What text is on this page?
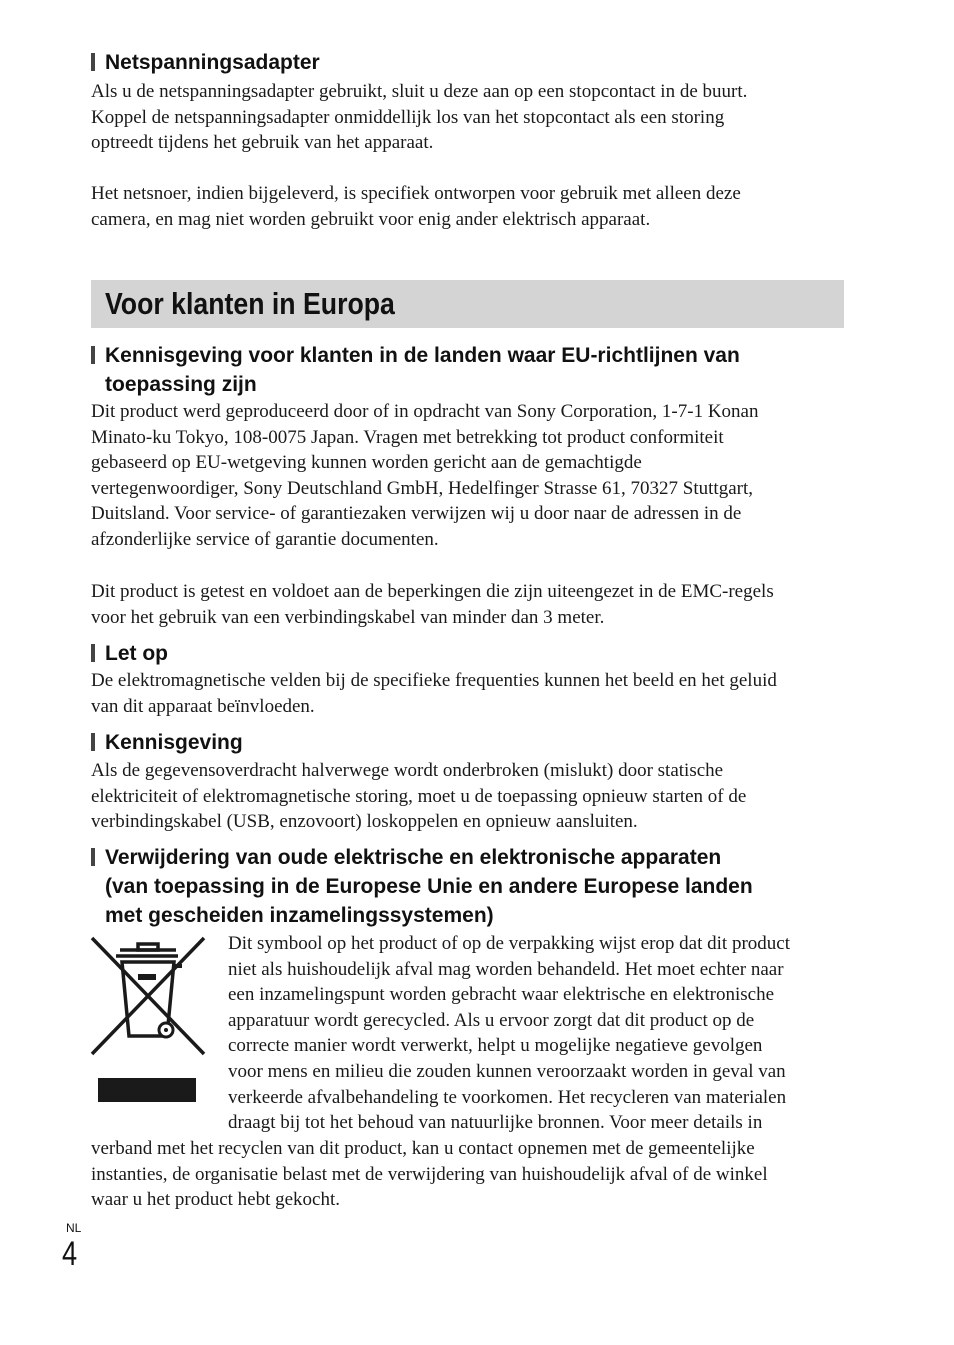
Netspanningsadapter
Als u de netspanningsadapter gebruikt, sluit u deze aan op een stopcontact in de buurt.
Koppel de netspanningsadapter onmiddellijk los van het stopcontact als een storing
optreedt tijdens het gebruik van het apparaat.
Het netsnoer, indien bijgeleverd, is specifiek ontworpen voor gebruik met alleen deze
camera, en mag niet worden gebruikt voor enig ander elektrisch apparaat.
Voor klanten in Europa
Kennisgeving voor klanten in de landen waar EU-richtlijnen van
toepassing zijn
Dit product werd geproduceerd door of in opdracht van Sony Corporation, 1-7-1 Konan
Minato-ku Tokyo, 108-0075 Japan. Vragen met betrekking tot product conformiteit
gebaseerd op EU-wetgeving kunnen worden gericht aan de gemachtigde
vertegenwoordiger, Sony Deutschland GmbH, Hedelfinger Strasse 61, 70327 Stuttgart,
Duitsland. Voor service- of garantiezaken verwijzen wij u door naar de adressen in de
afzonderlijke service of garantie documenten.
Dit product is getest en voldoet aan de beperkingen die zijn uiteengezet in de EMC-regels
voor het gebruik van een verbindingskabel van minder dan 3 meter.
Let op
De elektromagnetische velden bij de specifieke frequenties kunnen het beeld en het geluid
van dit apparaat beïnvloeden.
Kennisgeving
Als de gegevensoverdracht halverwege wordt onderbroken (mislukt) door statische
elektriciteit of elektromagnetische storing, moet u de toepassing opnieuw starten of de
verbindingskabel (USB, enzovoort) loskoppelen en opnieuw aansluiten.
Verwijdering van oude elektrische en elektronische apparaten
(van toepassing in de Europese Unie en andere Europese landen
met gescheiden inzamelingssystemen)
Dit symbool op het product of op de verpakking wijst erop dat dit product
niet als huishoudelijk afval mag worden behandeld. Het moet echter naar
een inzamelingspunt worden gebracht waar elektrische en elektronische
apparatuur wordt gerecycled. Als u ervoor zorgt dat dit product op de
correcte manier wordt verwerkt, helpt u mogelijke negatieve gevolgen
voor mens en milieu die zouden kunnen veroorzaakt worden in geval van
verkeerde afvalbehandeling te voorkomen. Het recycleren van materialen
draagt bij tot het behoud van natuurlijke bronnen. Voor meer details in
verband met het recyclen van dit product, kan u contact opnemen met de gemeentelijke
instanties, de organisatie belast met de verwijdering van huishoudelijk afval of de winkel
waar u het product hebt gekocht.
NL
4
